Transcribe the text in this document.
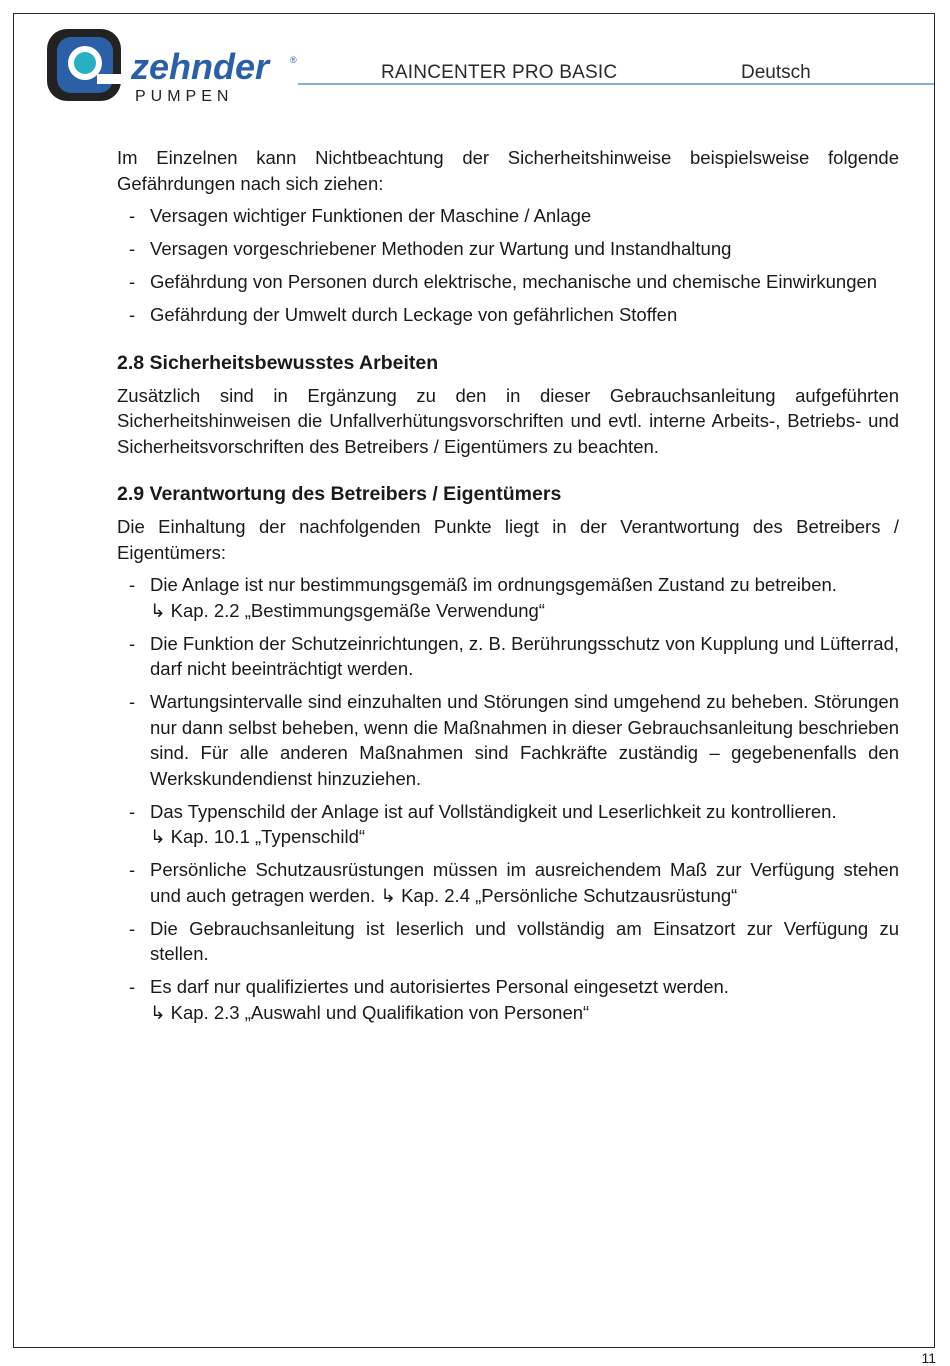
zehnder ®
PUMPEN
RAINCENTER PRO BASIC	Deutsch

Im Einzelnen kann Nichtbeachtung der Sicherheitshinweise beispielsweise folgende Gefährdungen nach sich ziehen:

- Versagen wichtiger Funktionen der Maschine / Anlage
- Versagen vorgeschriebener Methoden zur Wartung und Instandhaltung
- Gefährdung von Personen durch elektrische, mechanische und chemische Einwirkungen
- Gefährdung der Umwelt durch Leckage von gefährlichen Stoffen
2.8 Sicherheitsbewusstes Arbeiten

Zusätzlich sind in Ergänzung zu den in dieser Gebrauchsanleitung aufgeführten Sicherheitshinweisen die Unfallverhütungsvorschriften und evtl. interne Arbeits-, Betriebs- und Sicherheitsvorschriften des Betreibers / Eigentümers zu beachten.

2.9 Verantwortung des Betreibers / Eigentümers

Die Einhaltung der nachfolgenden Punkte liegt in der Verantwortung des Betreibers / Eigentümers:

- Die Anlage ist nur bestimmungsgemäß im ordnungsgemäßen Zustand zu betreiben.
↳ Kap. 2.2 „Bestimmungsgemäße Verwendung“
- Die Funktion der Schutzeinrichtungen, z. B. Berührungsschutz von Kupplung und Lüfterrad, darf nicht beeinträchtigt werden.
- Wartungsintervalle sind einzuhalten und Störungen sind umgehend zu beheben. Störungen nur dann selbst beheben, wenn die Maßnahmen in dieser Gebrauchsanleitung beschrieben sind. Für alle anderen Maßnahmen sind Fachkräfte zuständig – gegebenenfalls den Werkskundendienst hinzuziehen.
- Das Typenschild der Anlage ist auf Vollständigkeit und Leserlichkeit zu kontrollieren.
↳ Kap. 10.1 „Typenschild“
- Persönliche Schutzausrüstungen müssen im ausreichendem Maß zur Verfügung stehen und auch getragen werden. ↳ Kap. 2.4 „Persönliche Schutzausrüstung“
- Die Gebrauchsanleitung ist leserlich und vollständig am Einsatzort zur Verfügung zu stellen.
- Es darf nur qualifiziertes und autorisiertes Personal eingesetzt werden.
↳ Kap. 2.3 „Auswahl und Qualifikation von Personen“
11
